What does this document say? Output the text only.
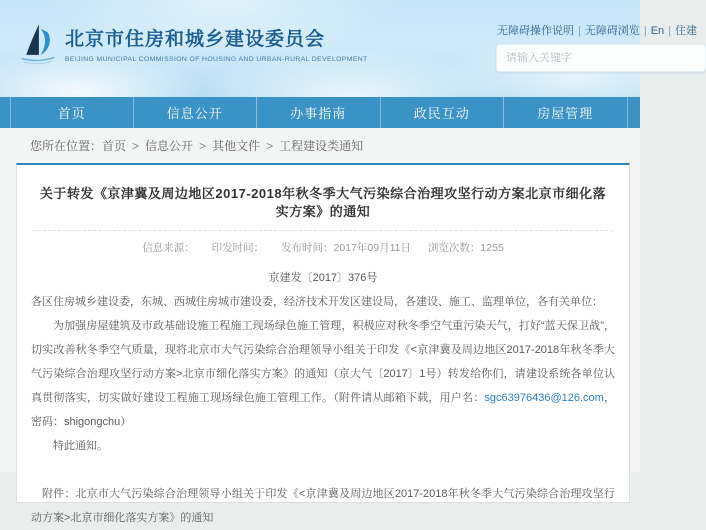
北京市住房和城乡建设委员会
BEIJING MUNICIPAL COMMISSION OF HOUSING AND URBAN-RURAL DEVELOPMENT
无障碍操作说明 | 无障碍浏览 | En | 住建
请输入关键字
首页	信息公开	办事指南	政民互动	房屋管理
您所在位置： 首页 > 信息公开 > 其他文件 > 工程建设类通知
关于转发《京津冀及周边地区2017-2018年秋冬季大气污染综合治理攻坚行动方案北京市细化落实方案》的通知
信息来源： 印发时间： 发布时间：2017年09月11日 浏览次数：1255
京建发〔2017〕376号
各区住房城乡建设委，东城、西城住房城市建设委，经济技术开发区建设局，各建设、施工、监理单位，各有关单位：
为加强房屋建筑及市政基础设施工程施工现场绿色施工管理，积极应对秋冬季空气重污染天气，打好“蓝天保卫战”，切实改善秋冬季空气质量，现将北京市大气污染综合治理领导小组关于印发《<京津冀及周边地区2017-2018年秋冬季大气污染综合治理攻坚行动方案>北京市细化落实方案》的通知（京大气〔2017〕1号）转发给你们，请建设系统各单位认真贯彻落实，切实做好建设工程施工现场绿色施工管理工作。（附件请从邮箱下载，用户名：sgc63976436@126.com，密码：shigongchu）
特此通知。
附件：北京市大气污染综合治理领导小组关于印发《<京津冀及周边地区2017-2018年秋冬季大气污染综合治理攻坚行动方案>北京市细化落实方案》的通知
